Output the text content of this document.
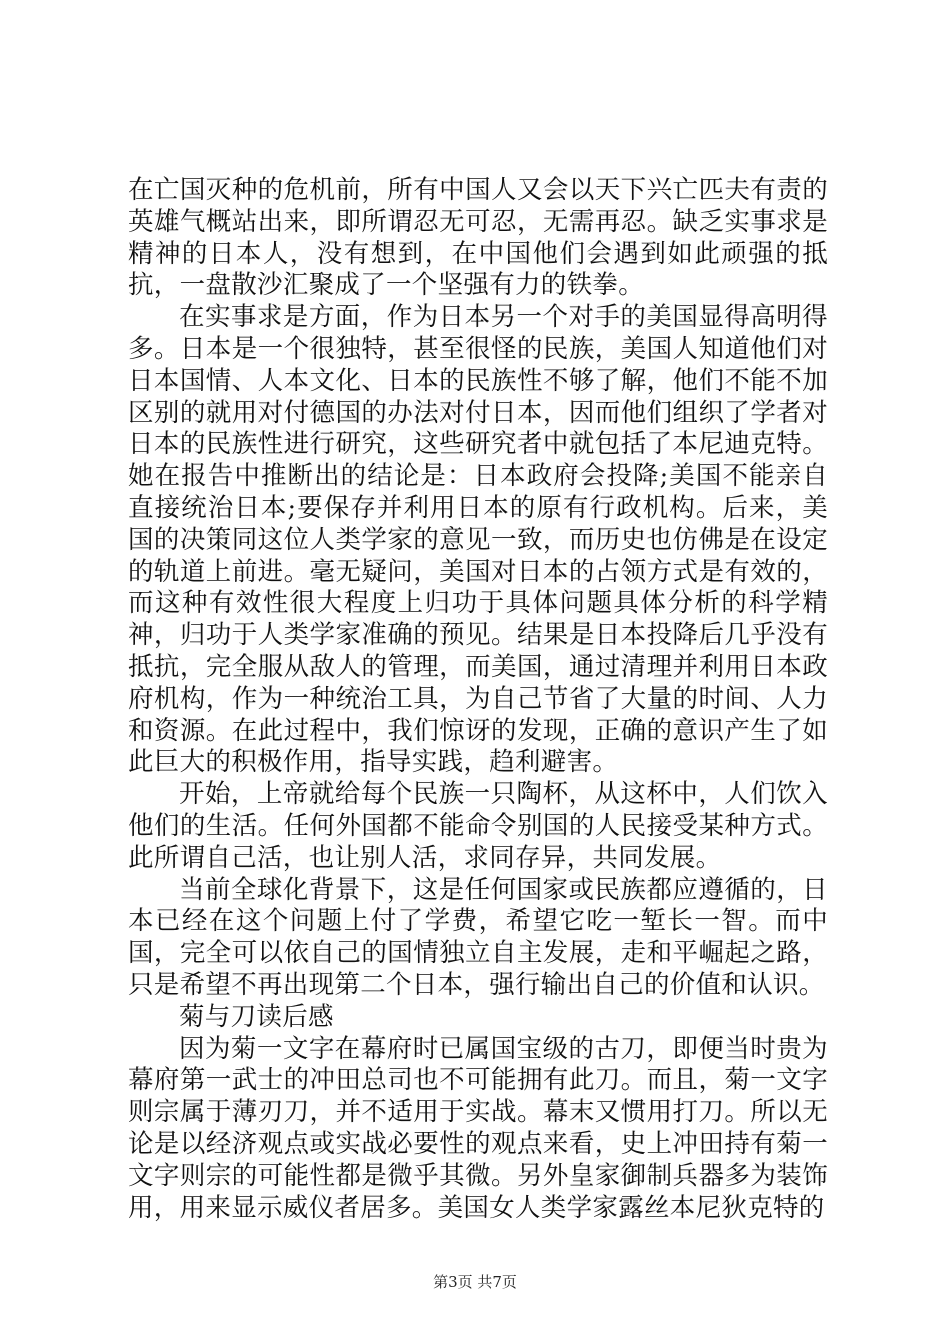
在亡国灭种的危机前，所有中国人又会以天下兴亡匹夫有责的英雄气概站出来，即所谓忍无可忍，无需再忍。缺乏实事求是精神的日本人，没有想到，在中国他们会遇到如此顽强的抵抗，一盘散沙汇聚成了一个坚强有力的铁拳。

在实事求是方面，作为日本另一个对手的美国显得高明得多。日本是一个很独特，甚至很怪的民族，美国人知道他们对日本国情、人本文化、日本的民族性不够了解，他们不能不加区别的就用对付德国的办法对付日本，因而他们组织了学者对日本的民族性进行研究，这些研究者中就包括了本尼迪克特。她在报告中推断出的结论是：日本政府会投降;美国不能亲自直接统治日本;要保存并利用日本的原有行政机构。后来，美国的决策同这位人类学家的意见一致，而历史也仿佛是在设定的轨道上前进。毫无疑问，美国对日本的占领方式是有效的，而这种有效性很大程度上归功于具体问题具体分析的科学精神，归功于人类学家准确的预见。结果是日本投降后几乎没有抵抗，完全服从敌人的管理，而美国，通过清理并利用日本政府机构，作为一种统治工具，为自己节省了大量的时间、人力和资源。在此过程中，我们惊讶的发现，正确的意识产生了如此巨大的积极作用，指导实践，趋利避害。

开始，上帝就给每个民族一只陶杯，从这杯中，人们饮入他们的生活。任何外国都不能命令别国的人民接受某种方式。此所谓自己活，也让别人活，求同存异，共同发展。

当前全球化背景下，这是任何国家或民族都应遵循的，日本已经在这个问题上付了学费，希望它吃一堑长一智。而中国，完全可以依自己的国情独立自主发展，走和平崛起之路，只是希望不再出现第二个日本，强行输出自己的价值和认识。

菊与刀读后感

因为菊一文字在幕府时已属国宝级的古刀，即便当时贵为幕府第一武士的冲田总司也不可能拥有此刀。而且，菊一文字则宗属于薄刃刀，并不适用于实战。幕末又惯用打刀。所以无论是以经济观点或实战必要性的观点来看，史上冲田持有菊一文字则宗的可能性都是微乎其微。另外皇家御制兵器多为装饰用，用来显示威仪者居多。美国女人类学家露丝本尼狄克特的

第3页 共7页
